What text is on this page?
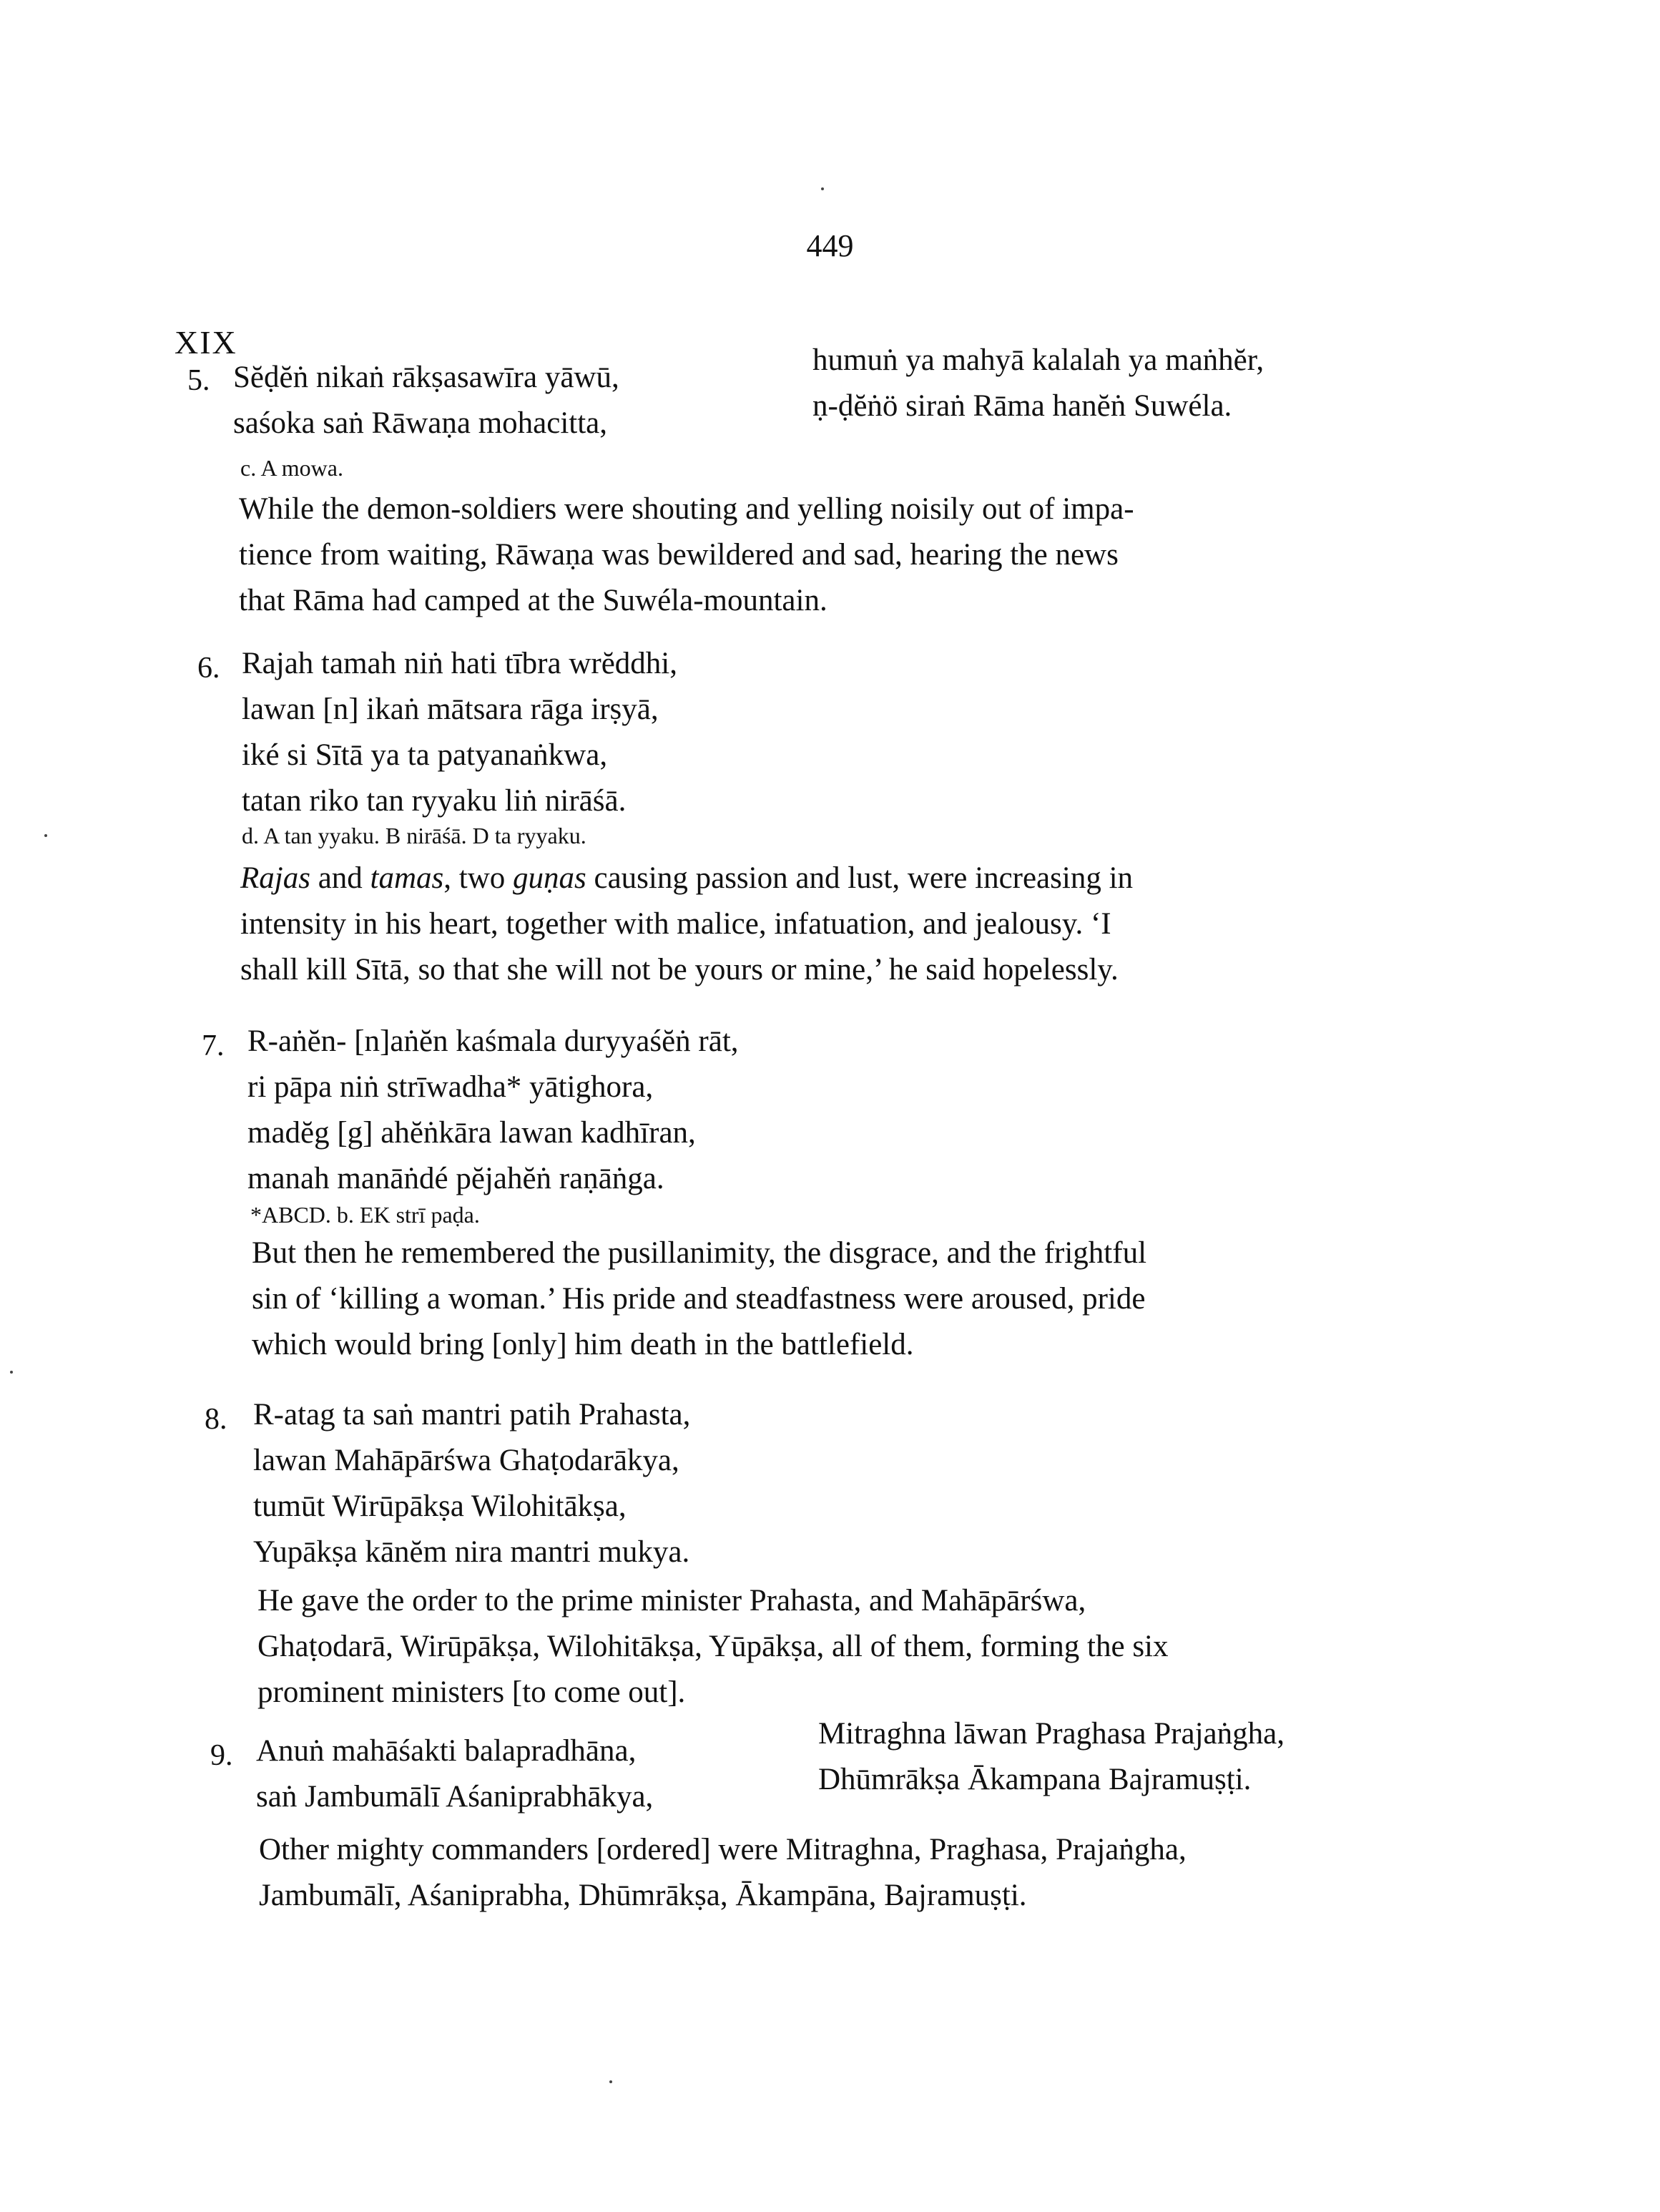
449
XIX
5. Sĕḍĕṅ nikaṅ rākṣasawīra yāwū,
saśoka saṅ Rāwaṇa mohacitta,
humuṅ ya mahyā kalalah ya maṅhĕr,
ṇ-ḍĕṅö siraṅ Rāma hanĕṅ Suwéla.
c. A mowa.

While the demon-soldiers were shouting and yelling noisily out of impa-

tience from waiting, Rāwaṇa was bewildered and sad, hearing the news

that Rāma had camped at the Suwéla-mountain.

6. Rajah tamah niṅ hati tībra wrĕddhi,
lawan [n] ikaṅ mātsara rāga irṣyā,
iké si Sītā ya ta patyanaṅkwa,
tatan riko tan ryyaku liṅ nirāśā.
d. A tan yyaku. B nirāśā. D ta ryyaku.

Rajas and tamas, two guṇas causing passion and lust, were increasing in

intensity in his heart, together with malice, infatuation, and jealousy. ‘I

shall kill Sītā, so that she will not be yours or mine,’ he said hopelessly.

7. R-aṅĕn- [n]aṅĕn kaśmala duryyaśĕṅ rāt,
ri pāpa niṅ strīwadha* yātighora,
madĕg [g] ahĕṅkāra lawan kadhīran,
manah manāṅdé pĕjahĕṅ raṇāṅga.
*ABCD. b. EK strī paḍa.

But then he remembered the pusillanimity, the disgrace, and the frightful

sin of ‘killing a woman.’ His pride and steadfastness were aroused, pride

which would bring [only] him death in the battlefield.

8. R-atag ta saṅ mantri patih Prahasta,
lawan Mahāpārśwa Ghaṭodarākya,
tumūt Wirūpākṣa Wilohitākṣa,
Yupākṣa kānĕm nira mantri mukya.

He gave the order to the prime minister Prahasta, and Mahāpārśwa,

Ghaṭodarā, Wirūpākṣa, Wilohitākṣa, Yūpākṣa, all of them, forming the six

prominent ministers [to come out].

9. Anuṅ mahāśakti balapradhāna,
saṅ Jambumālī Aśaniprabhākya,
Mitraghna lāwan Praghasa Prajaṅgha,
Dhūmrākṣa Ākampana Bajramuṣṭi.

Other mighty commanders [ordered] were Mitraghna, Praghasa, Prajaṅgha,

Jambumālī, Aśaniprabha, Dhūmrākṣa, Ākampāna, Bajramuṣṭi.
